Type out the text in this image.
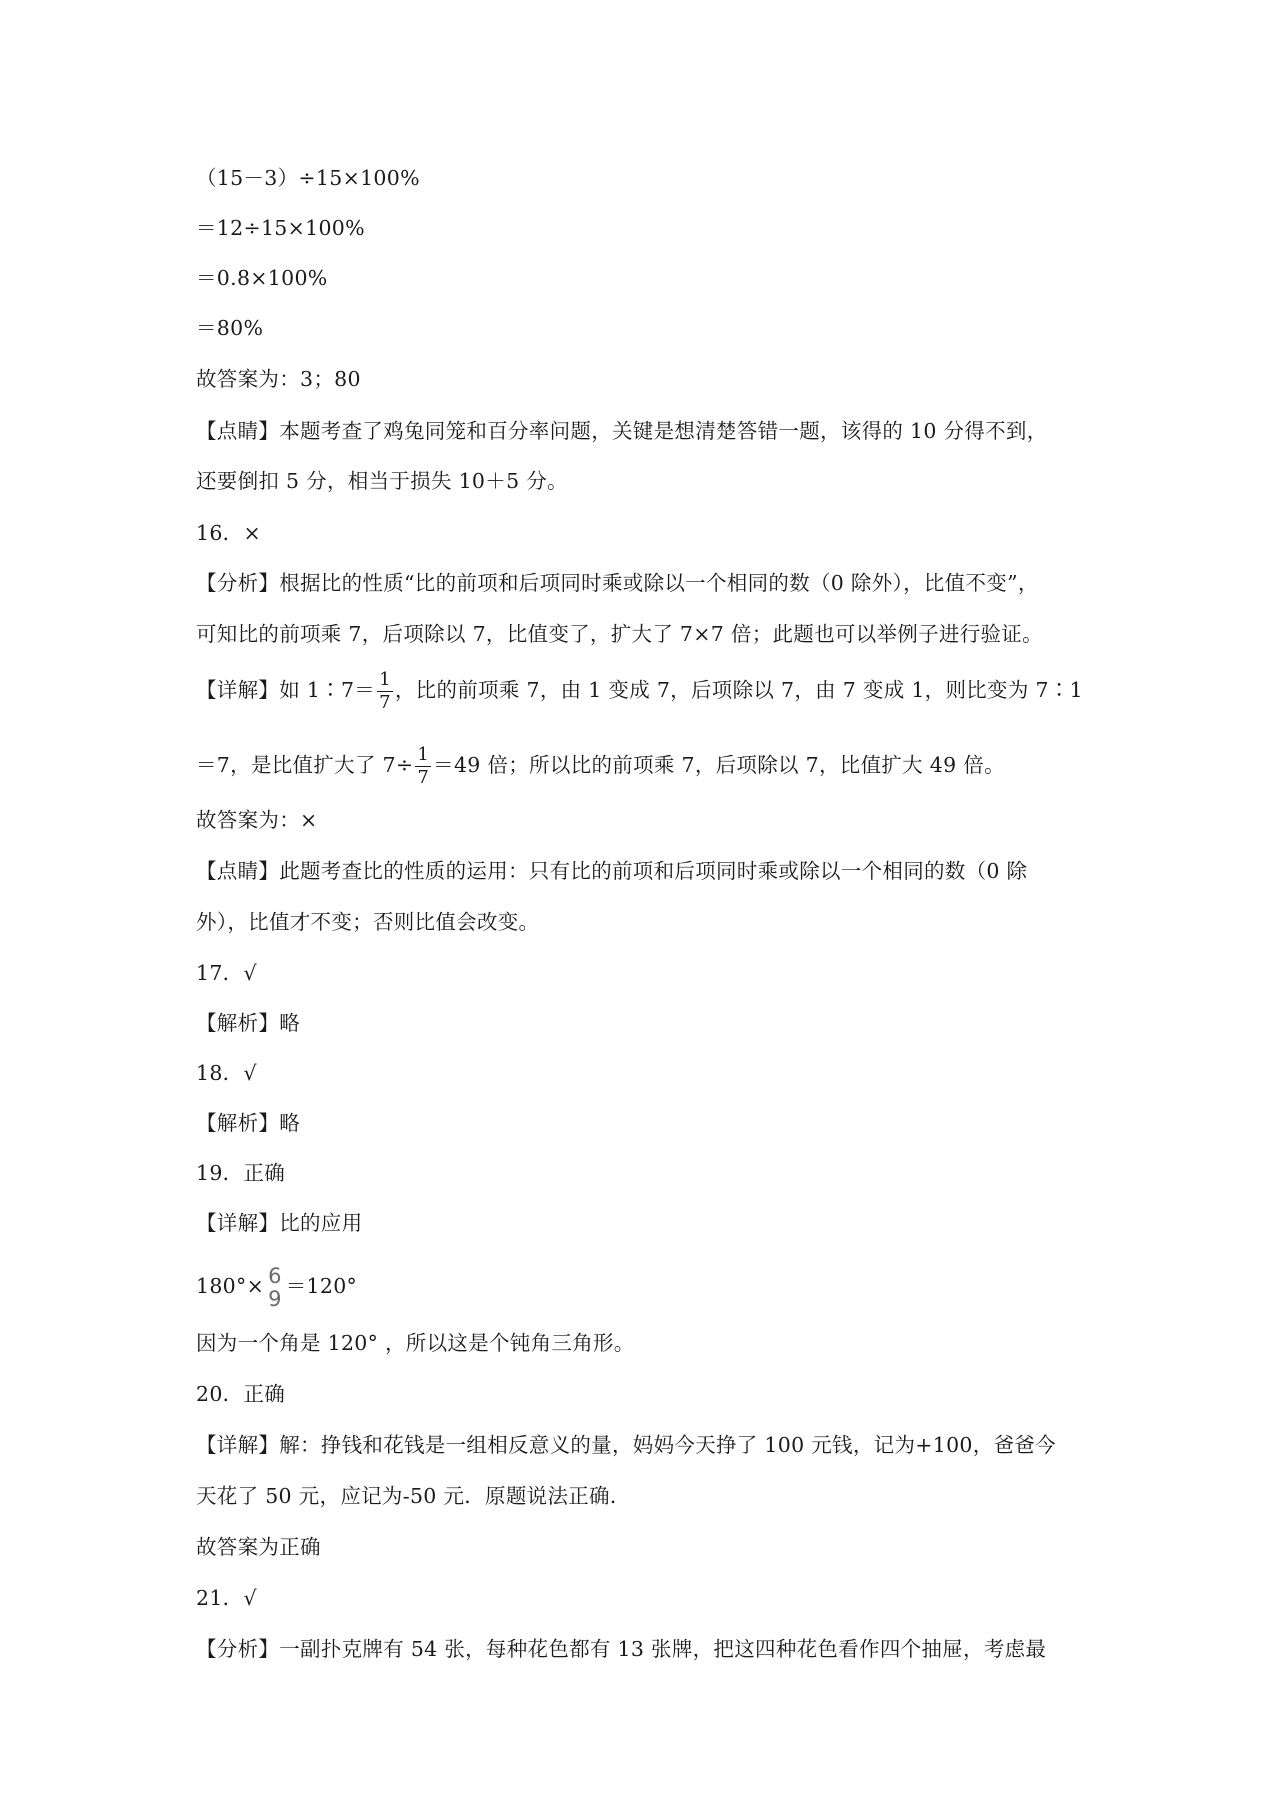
（15－3）÷15×100%
＝12÷15×100%
＝0.8×100%
＝80%
故答案为：3；80
【点睛】本题考查了鸡兔同笼和百分率问题，关键是想清楚答错一题，该得的 10 分得不到，
还要倒扣 5 分，相当于损失 10＋5 分。
16．×
【分析】根据比的性质“比的前项和后项同时乘或除以一个相同的数（0 除外），比值不变”，
可知比的前项乘 7，后项除以 7，比值变了，扩大了 7×7 倍；此题也可以举例子进行验证。
【详解】如 1∶7＝ $\frac{1}{7}$ ，比的前项乘 7，由 1 变成 7，后项除以 7，由 7 变成 1，则比变为 7∶1
＝7，是比值扩大了 $7\div \frac{1}{7} =49$ 倍；所以比的前项乘 7，后项除以 7，比值扩大 49 倍。
故答案为：×
【点睛】此题考查比的性质的运用：只有比的前项和后项同时乘或除以一个相同的数（0 除
外），比值才不变；否则比值会改变。
17．√
【解析】略
18．√
【解析】略
19．正确
【详解】比的应用
180°× 6
9
＝120°
因为一个角是 120° ，所以这是个钝角三角形。
20．正确
【详解】解：挣钱和花钱是一组相反意义的量，妈妈今天挣了 100 元钱，记为+100，爸爸今
天花了 50 元，应记为-50 元．原题说法正确．
故答案为正确
21．√
【分析】一副扑克牌有 54 张，每种花色都有 13 张牌，把这四种花色看作四个抽屉，考虑最
